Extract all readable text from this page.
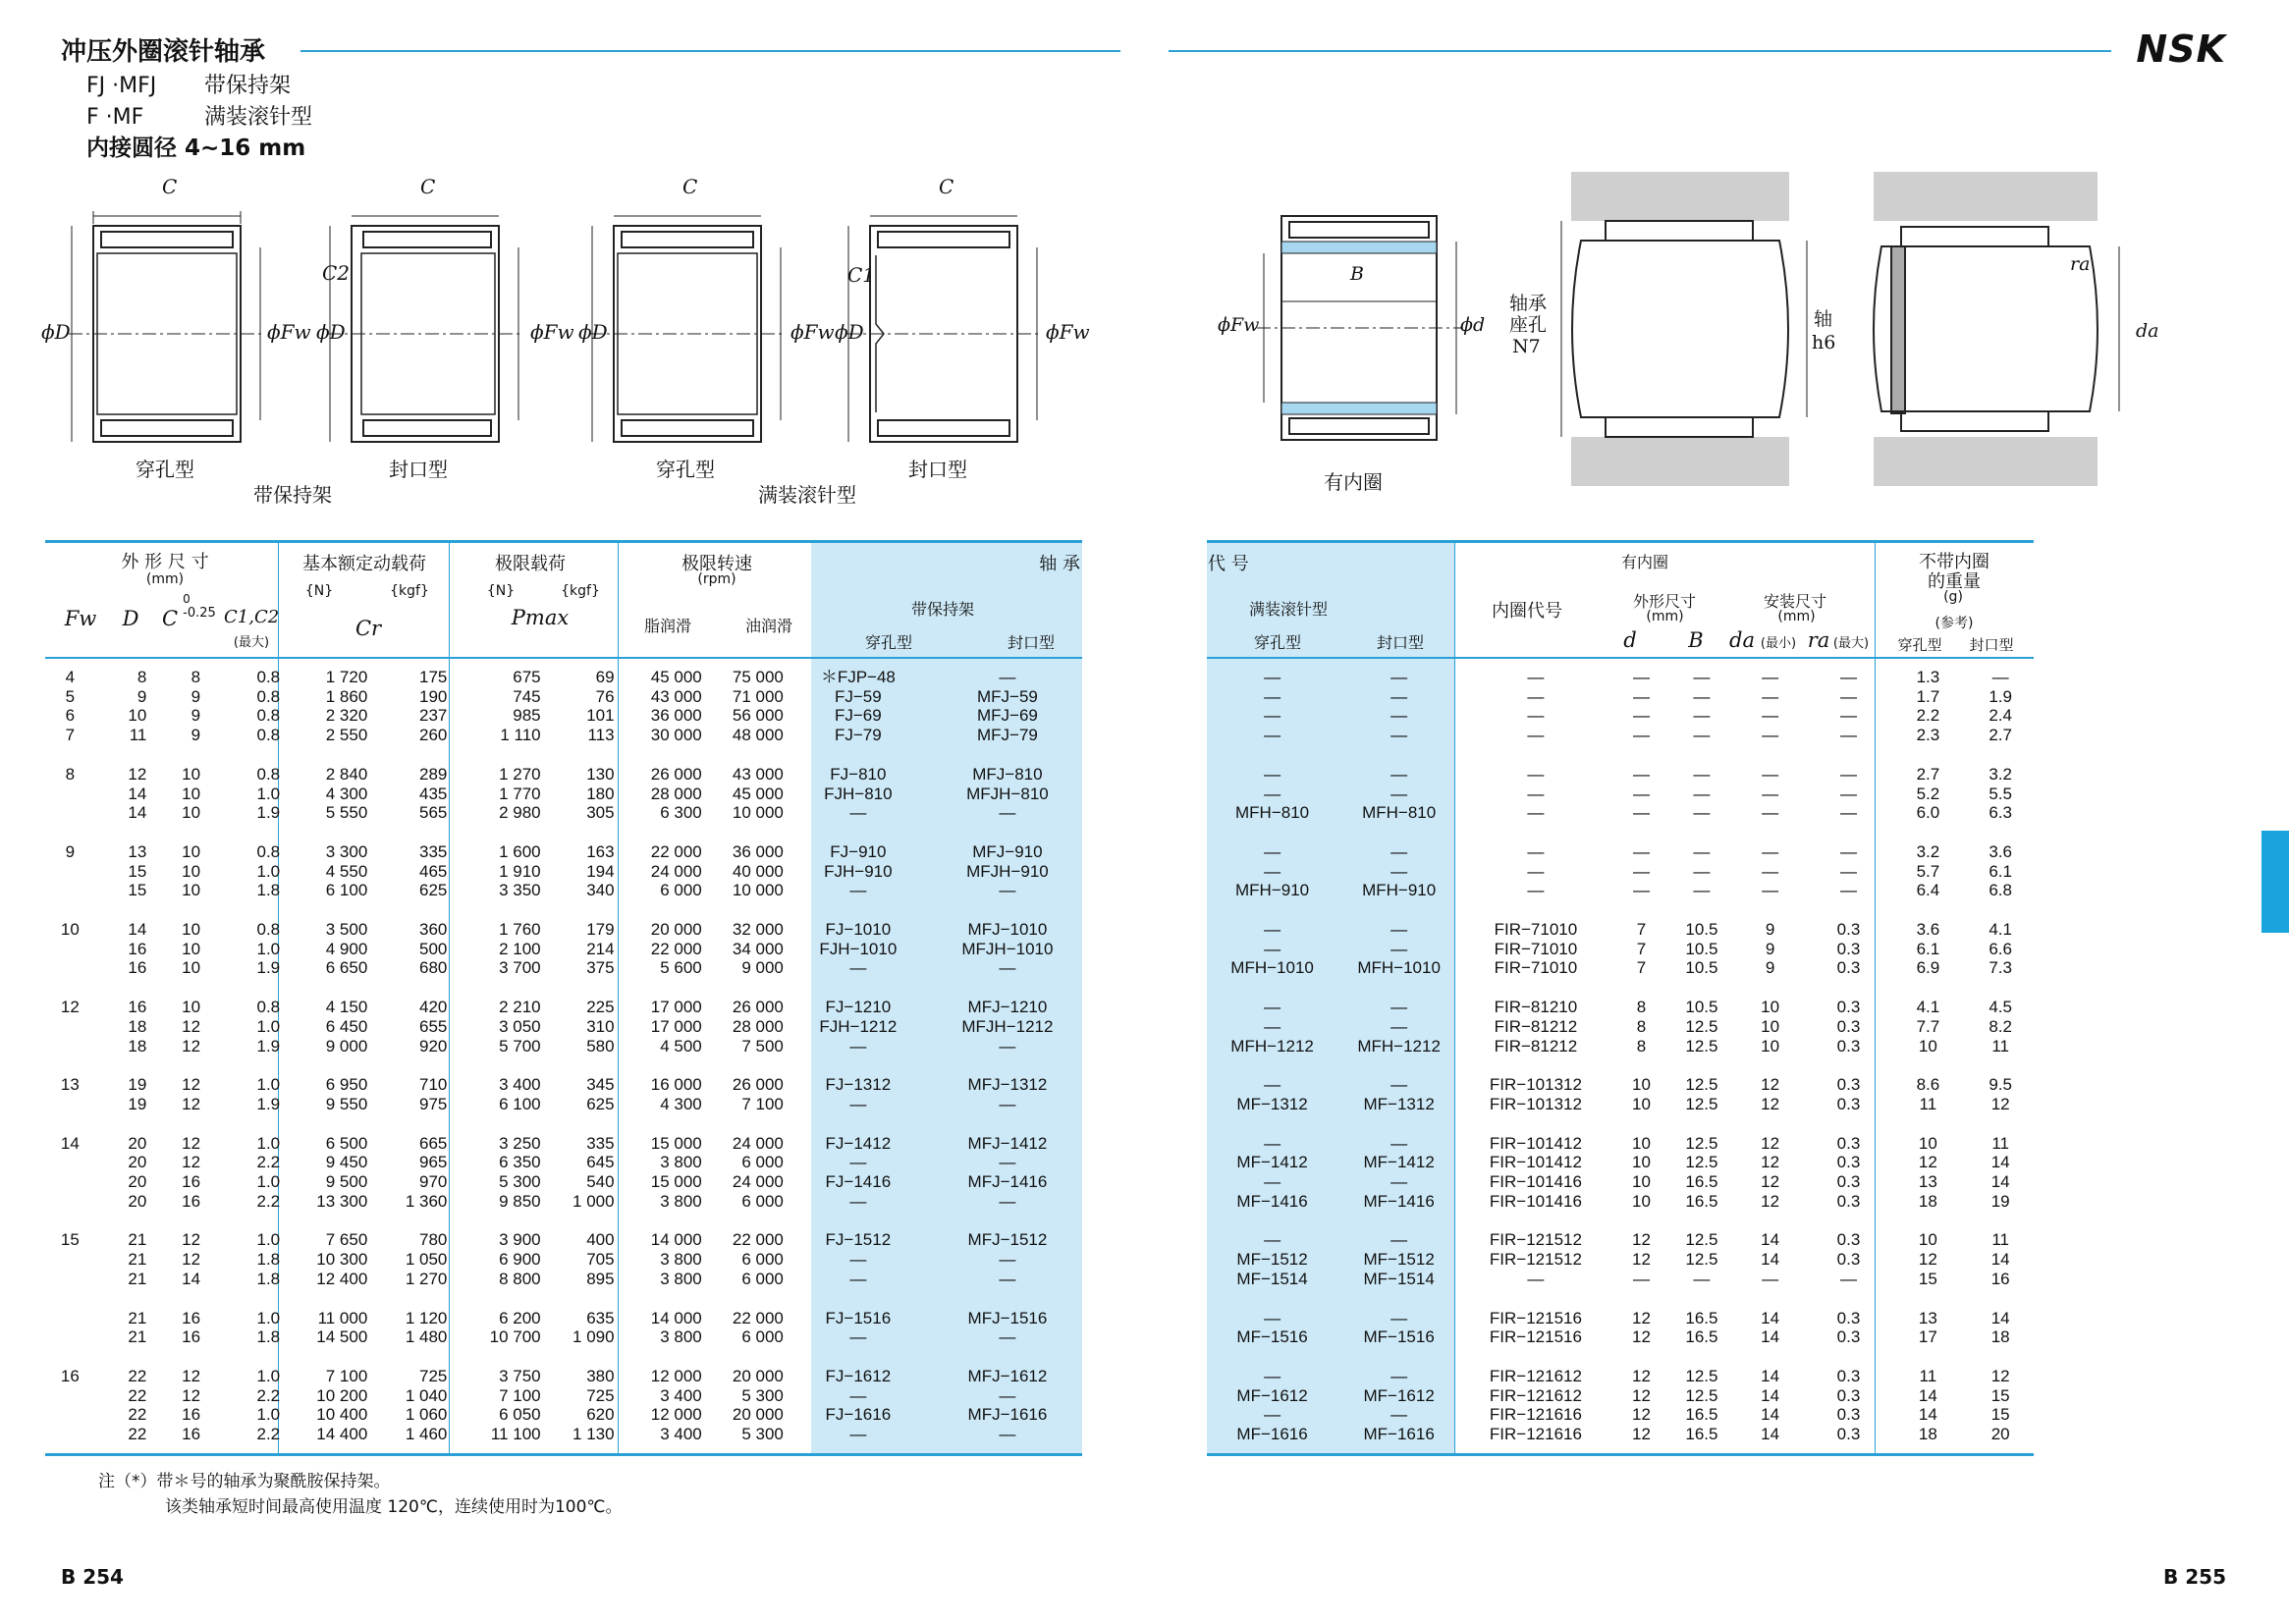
冲压外圈滚针轴承
FJ ·MFJ 带保持架
F ·MF	满装滚针型
内接圆径 4~16 mm
NSK
C	C	C	C
C2	C1
ϕD	ϕFw ϕD	ϕFw ϕD	ϕFw ϕD	ϕFw
穿孔型	封口型
带保持架
穿孔型	封口型
满装滚针型
B
ϕFw	ϕd
轴承
座孔
N7
轴
h6
ra
da
有内圈
外 形 尺 寸
(mm)
Fw	D	C
0
-0.25 C1,C2
(最大)
基本额定动载荷
{N}	{kgf}
Cr
极限载荷
{N}	{kgf}
Pmax
极限转速
(rpm)
脂润滑	油润滑
轴 承
带保持架
穿孔型	封口型
代 号
满装滚针型
穿孔型	封口型
有内圈
内圈代号	外形尺寸
(mm)
d	B
安装尺寸
(mm)
da (最小) ra (最大)
不带内圈
的重量
(g)
(参考)
穿孔型	封口型
4	8	8	0.8	1 720	175	675	69	45 000	75 000	＊FJP−48	—
5	9	9	0.8	1 860	190	745	76	43 000	71 000	FJ−59	MFJ−59
6	10	9	0.8	2 320	237	985	101	36 000	56 000	FJ−69	MFJ−69
7	11	9	0.8	2 550	260	1 110	113	30 000	48 000	FJ−79	MFJ−79

8	12	10	0.8	2 840	289	1 270	130	26 000	43 000	FJ−810	MFJ−810
	14	10	1.0	4 300	435	1 770	180	28 000	45 000	FJH−810	MFJH−810
	14	10	1.9	5 550	565	2 980	305	6 300	10 000	—	—

9	13	10	0.8	3 300	335	1 600	163	22 000	36 000	FJ−910	MFJ−910
	15	10	1.0	4 550	465	1 910	194	24 000	40 000	FJH−910	MFJH−910
	15	10	1.8	6 100	625	3 350	340	6 000	10 000	—	—

10	14	10	0.8	3 500	360	1 760	179	20 000	32 000	FJ−1010	MFJ−1010
	16	10	1.0	4 900	500	2 100	214	22 000	34 000	FJH−1010	MFJH−1010
	16	10	1.9	6 650	680	3 700	375	5 600	9 000	—	—

12	16	10	0.8	4 150	420	2 210	225	17 000	26 000	FJ−1210	MFJ−1210
	18	12	1.0	6 450	655	3 050	310	17 000	28 000	FJH−1212	MFJH−1212
	18	12	1.9	9 000	920	5 700	580	4 500	7 500	—	—

13	19	12	1.0	6 950	710	3 400	345	16 000	26 000	FJ−1312	MFJ−1312
	19	12	1.9	9 550	975	6 100	625	4 300	7 100	—	—

14	20	12	1.0	6 500	665	3 250	335	15 000	24 000	FJ−1412	MFJ−1412
	20	12	2.2	9 450	965	6 350	645	3 800	6 000	—	—
	20	16	1.0	9 500	970	5 300	540	15 000	24 000	FJ−1416	MFJ−1416
	20	16	2.2	13 300	1 360	9 850	1 000	3 800	6 000	—	—

15	21	12	1.0	7 650	780	3 900	400	14 000	22 000	FJ−1512	MFJ−1512
	21	12	1.8	10 300	1 050	6 900	705	3 800	6 000	—	—
	21	14	1.8	12 400	1 270	8 800	895	3 800	6 000	—	—

	21	16	1.0	11 000	1 120	6 200	635	14 000	22 000	FJ−1516	MFJ−1516
	21	16	1.8	14 500	1 480	10 700	1 090	3 800	6 000	—	—

16	22	12	1.0	7 100	725	3 750	380	12 000	20 000	FJ−1612	MFJ−1612
	22	12	2.2	10 200	1 040	7 100	725	3 400	5 300	—	—
	22	16	1.0	10 400	1 060	6 050	620	12 000	20 000	FJ−1616	MFJ−1616
	22	16	2.2	14 400	1 460	11 100	1 130	3 400	5 300	—	—
—	—	—	—	—	—	—	1.3	—
—	—	—	—	—	—	—	1.7	1.9
—	—	—	—	—	—	—	2.2	2.4
—	—	—	—	—	—	—	2.3	2.7

—	—	—	—	—	—	—	2.7	3.2
—	—	—	—	—	—	—	5.2	5.5
MFH−810	MFH−810	—	—	—	—	—	6.0	6.3

—	—	—	—	—	—	—	3.2	3.6
—	—	—	—	—	—	—	5.7	6.1
MFH−910	MFH−910	—	—	—	—	—	6.4	6.8

—	—	FIR−71010	7	10.5	9	0.3	3.6	4.1
—	—	FIR−71010	7	10.5	9	0.3	6.1	6.6
MFH−1010	MFH−1010	FIR−71010	7	10.5	9	0.3	6.9	7.3

—	—	FIR−81210	8	10.5	10	0.3	4.1	4.5
—	—	FIR−81212	8	12.5	10	0.3	7.7	8.2
MFH−1212	MFH−1212	FIR−81212	8	12.5	10	0.3	10	11

—	—	FIR−101312	10	12.5	12	0.3	8.6	9.5
MF−1312	MF−1312	FIR−101312	10	12.5	12	0.3	11	12

—	—	FIR−101412	10	12.5	12	0.3	10	11
MF−1412	MF−1412	FIR−101412	10	12.5	12	0.3	12	14
—	—	FIR−101416	10	16.5	12	0.3	13	14
MF−1416	MF−1416	FIR−101416	10	16.5	12	0.3	18	19

—	—	FIR−121512	12	12.5	14	0.3	10	11
MF−1512	MF−1512	FIR−121512	12	12.5	14	0.3	12	14
MF−1514	MF−1514	—	—	—	—	—	15	16

—	—	FIR−121516	12	16.5	14	0.3	13	14
MF−1516	MF−1516	FIR−121516	12	16.5	14	0.3	17	18

—	—	FIR−121612	12	12.5	14	0.3	11	12
MF−1612	MF−1612	FIR−121612	12	12.5	14	0.3	14	15
—	—	FIR−121616	12	16.5	14	0.3	14	15
MF−1616	MF−1616	FIR−121616	12	16.5	14	0.3	18	20
注（*）带＊号的轴承为聚酰胺保持架。
该类轴承短时间最高使用温度 120℃，连续使用时为100℃。
B 254	B 255
